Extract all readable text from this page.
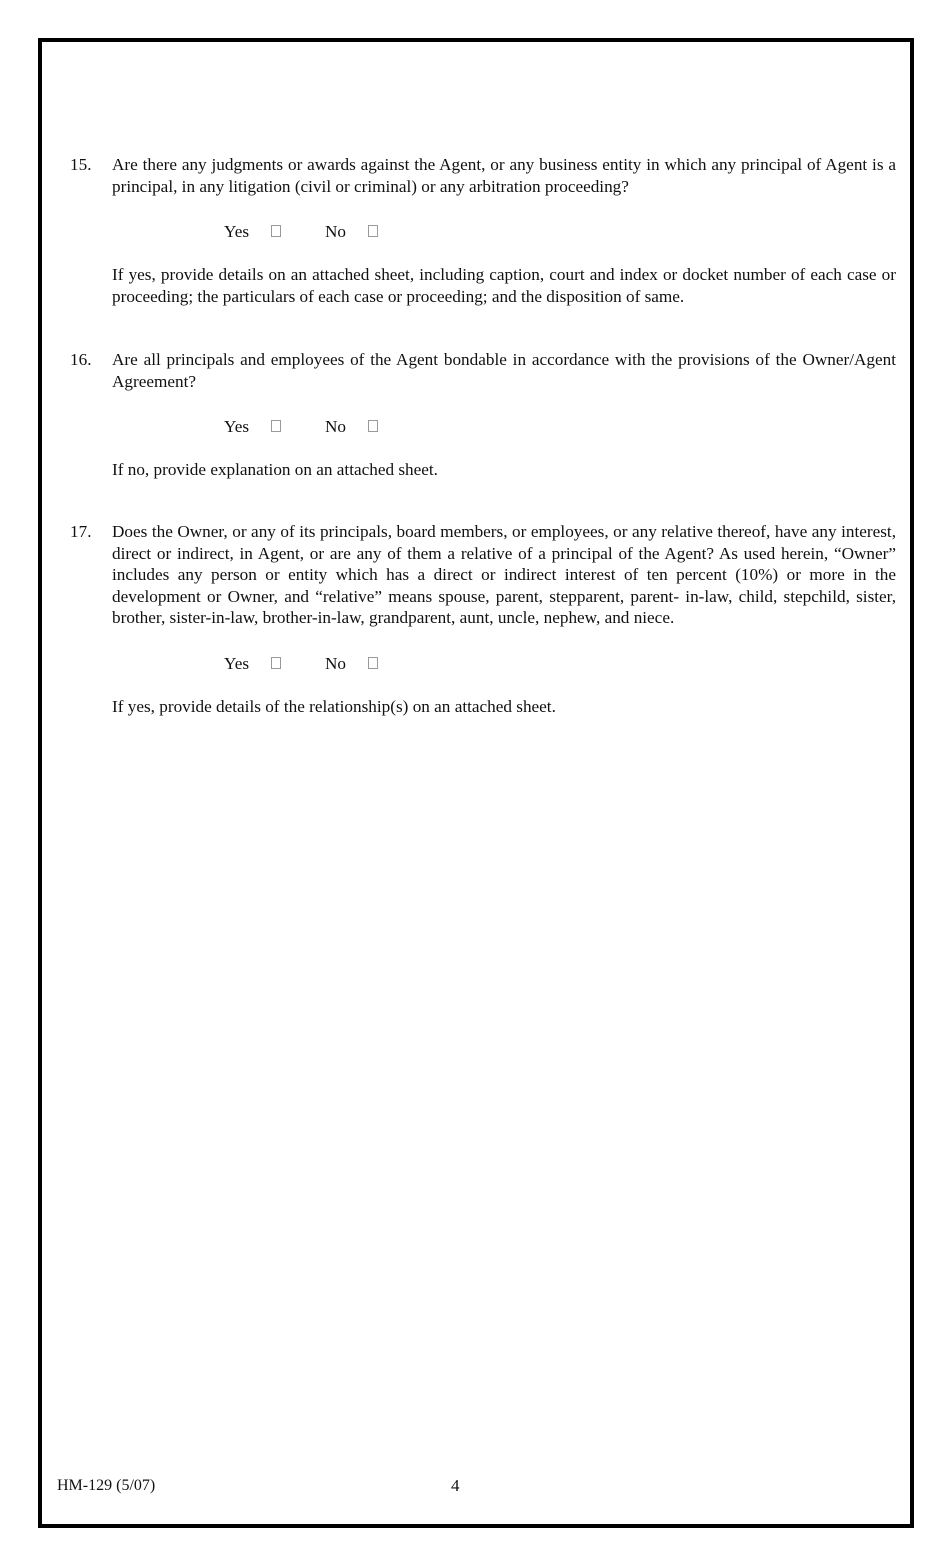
15.	Are there any judgments or awards against the Agent, or any business entity in which any principal of Agent is a principal, in any litigation (civil or criminal) or any arbitration proceeding?
Yes	No
If yes, provide details on an attached sheet, including caption, court and index or docket number of each case or proceeding; the particulars of each case or proceeding; and the disposition of same.
16.	Are all principals and employees of the Agent bondable in accordance with the provisions of the Owner/Agent Agreement?
Yes	No
If no, provide explanation on an attached sheet.
17.	Does the Owner, or any of its principals, board members, or employees, or any relative thereof, have any interest, direct or indirect, in Agent, or are any of them a relative of a principal of the Agent? As used herein, “Owner” includes any person or entity which has a direct or indirect interest of ten percent (10%) or more in the development or Owner, and “relative” means spouse, parent, stepparent, parent- in-law, child, stepchild, sister, brother, sister-in-law, brother-in-law, grandparent, aunt, uncle, nephew, and niece.
Yes	No
If yes, provide details of the relationship(s) on an attached sheet.
HM-129 (5/07)	4
